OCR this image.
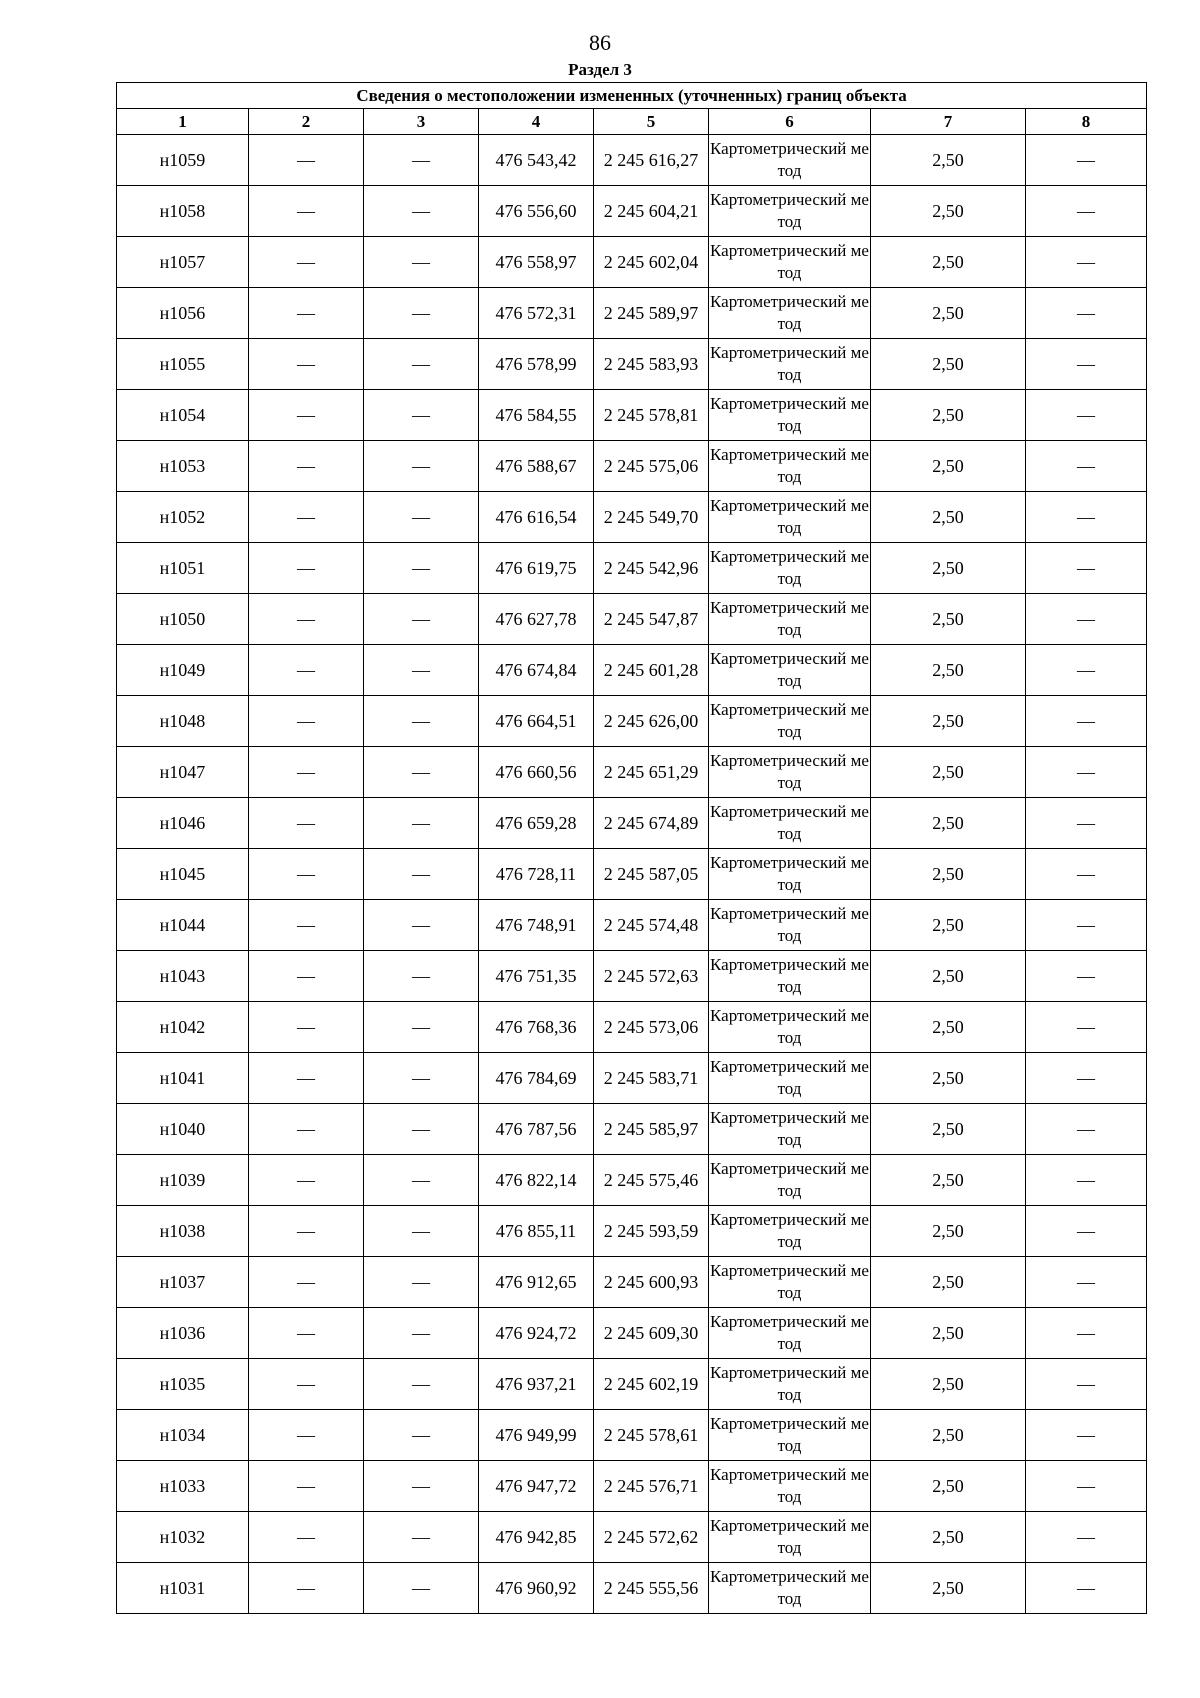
86
Раздел 3
Сведения о местоположении измененных (уточненных) границ объекта							
1	2	3	4	5	6	7	8
н1059	—	—	476 543,42	2 245 616,27	Картометрический метод	2,50	—
н1058	—	—	476 556,60	2 245 604,21	Картометрический метод	2,50	—
н1057	—	—	476 558,97	2 245 602,04	Картометрический метод	2,50	—
н1056	—	—	476 572,31	2 245 589,97	Картометрический метод	2,50	—
н1055	—	—	476 578,99	2 245 583,93	Картометрический метод	2,50	—
н1054	—	—	476 584,55	2 245 578,81	Картометрический метод	2,50	—
н1053	—	—	476 588,67	2 245 575,06	Картометрический метод	2,50	—
н1052	—	—	476 616,54	2 245 549,70	Картометрический метод	2,50	—
н1051	—	—	476 619,75	2 245 542,96	Картометрический метод	2,50	—
н1050	—	—	476 627,78	2 245 547,87	Картометрический метод	2,50	—
н1049	—	—	476 674,84	2 245 601,28	Картометрический метод	2,50	—
н1048	—	—	476 664,51	2 245 626,00	Картометрический метод	2,50	—
н1047	—	—	476 660,56	2 245 651,29	Картометрический метод	2,50	—
н1046	—	—	476 659,28	2 245 674,89	Картометрический метод	2,50	—
н1045	—	—	476 728,11	2 245 587,05	Картометрический метод	2,50	—
н1044	—	—	476 748,91	2 245 574,48	Картометрический метод	2,50	—
н1043	—	—	476 751,35	2 245 572,63	Картометрический метод	2,50	—
н1042	—	—	476 768,36	2 245 573,06	Картометрический метод	2,50	—
н1041	—	—	476 784,69	2 245 583,71	Картометрический метод	2,50	—
н1040	—	—	476 787,56	2 245 585,97	Картометрический метод	2,50	—
н1039	—	—	476 822,14	2 245 575,46	Картометрический метод	2,50	—
н1038	—	—	476 855,11	2 245 593,59	Картометрический метод	2,50	—
н1037	—	—	476 912,65	2 245 600,93	Картометрический метод	2,50	—
н1036	—	—	476 924,72	2 245 609,30	Картометрический метод	2,50	—
н1035	—	—	476 937,21	2 245 602,19	Картометрический метод	2,50	—
н1034	—	—	476 949,99	2 245 578,61	Картометрический метод	2,50	—
н1033	—	—	476 947,72	2 245 576,71	Картометрический метод	2,50	—
н1032	—	—	476 942,85	2 245 572,62	Картометрический метод	2,50	—
н1031	—	—	476 960,92	2 245 555,56	Картометрический метод	2,50	—
